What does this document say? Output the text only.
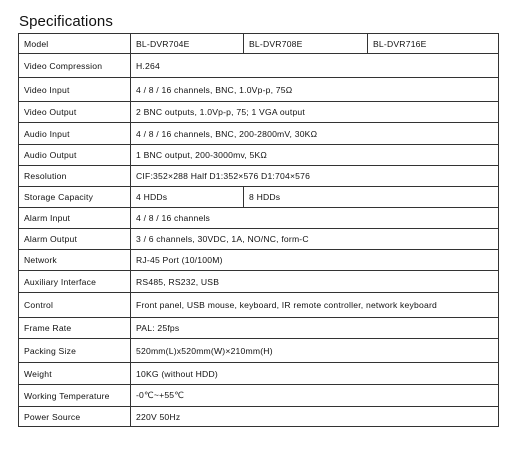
Specifications
Model	BL-DVR704E	BL-DVR708E	BL-DVR716E
Video Compression	H.264		
Video Input	4 / 8 / 16 channels, BNC, 1.0Vp-p, 75Ω		
Video Output	2 BNC outputs, 1.0Vp-p, 75; 1 VGA output		
Audio Input	4 / 8 / 16 channels, BNC, 200-2800mV, 30KΩ		
Audio Output	1 BNC output, 200-3000mv, 5KΩ		
Resolution	CIF:352×288 Half D1:352×576 D1:704×576		
Storage Capacity	4 HDDs	8 HDDs	
Alarm Input	4 / 8 / 16 channels		
Alarm Output	3 / 6 channels, 30VDC, 1A, NO/NC, form-C		
Network	RJ-45 Port (10/100M)		
Auxiliary Interface	RS485, RS232, USB		
Control	Front panel, USB mouse, keyboard, IR remote controller, network keyboard		
Frame Rate	PAL: 25fps		
Packing Size	520mm(L)x520mm(W)×210mm(H)		
Weight	10KG (without HDD)		
Working Temperature	-0℃~+55℃		
Power Source	220V 50Hz		
